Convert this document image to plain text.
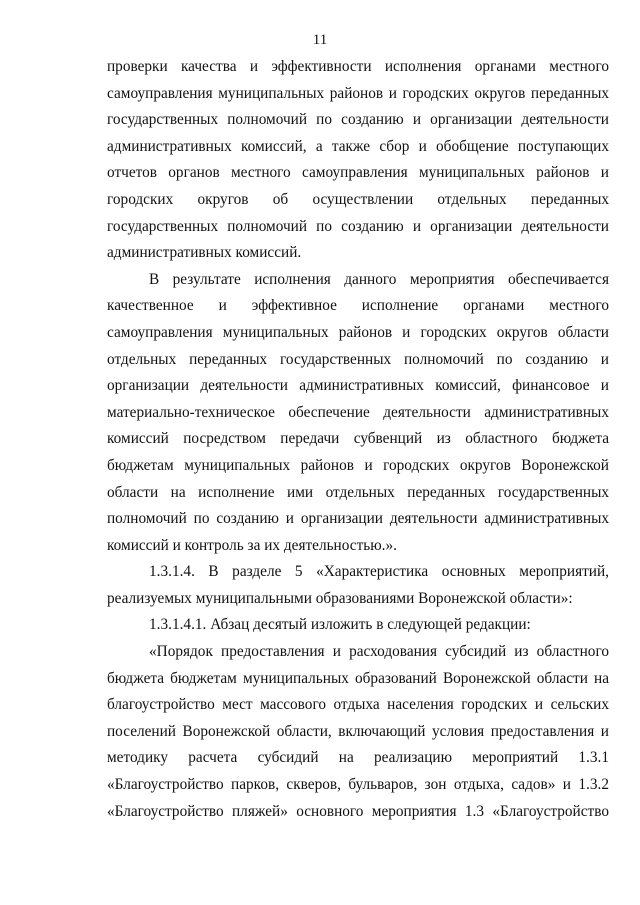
11

проверки качества и эффективности исполнения органами местного самоуправления муниципальных районов и городских округов переданных государственных полномочий по созданию и организации деятельности административных комиссий, а также сбор и обобщение поступающих отчетов органов местного самоуправления муниципальных районов и городских округов об осуществлении отдельных переданных государственных полномочий по созданию и организации деятельности административных комиссий.

В результате исполнения данного мероприятия обеспечивается качественное и эффективное исполнение органами местного самоуправления муниципальных районов и городских округов области отдельных переданных государственных полномочий по созданию и организации деятельности административных комиссий, финансовое и материально-техническое обеспечение деятельности административных комиссий посредством передачи субвенций из областного бюджета бюджетам муниципальных районов и городских округов Воронежской области на исполнение ими отдельных переданных государственных полномочий по созданию и организации деятельности административных комиссий и контроль за их деятельностью.».

1.3.1.4. В разделе 5 «Характеристика основных мероприятий, реализуемых муниципальными образованиями Воронежской области»:

1.3.1.4.1. Абзац десятый изложить в следующей редакции:

«Порядок предоставления и расходования субсидий из областного бюджета бюджетам муниципальных образований Воронежской области на благоустройство мест массового отдыха населения городских и сельских поселений Воронежской области, включающий условия предоставления и методику расчета субсидий на реализацию мероприятий 1.3.1 «Благоустройство парков, скверов, бульваров, зон отдыха, садов» и 1.3.2 «Благоустройство пляжей» основного мероприятия 1.3 «Благоустройство
